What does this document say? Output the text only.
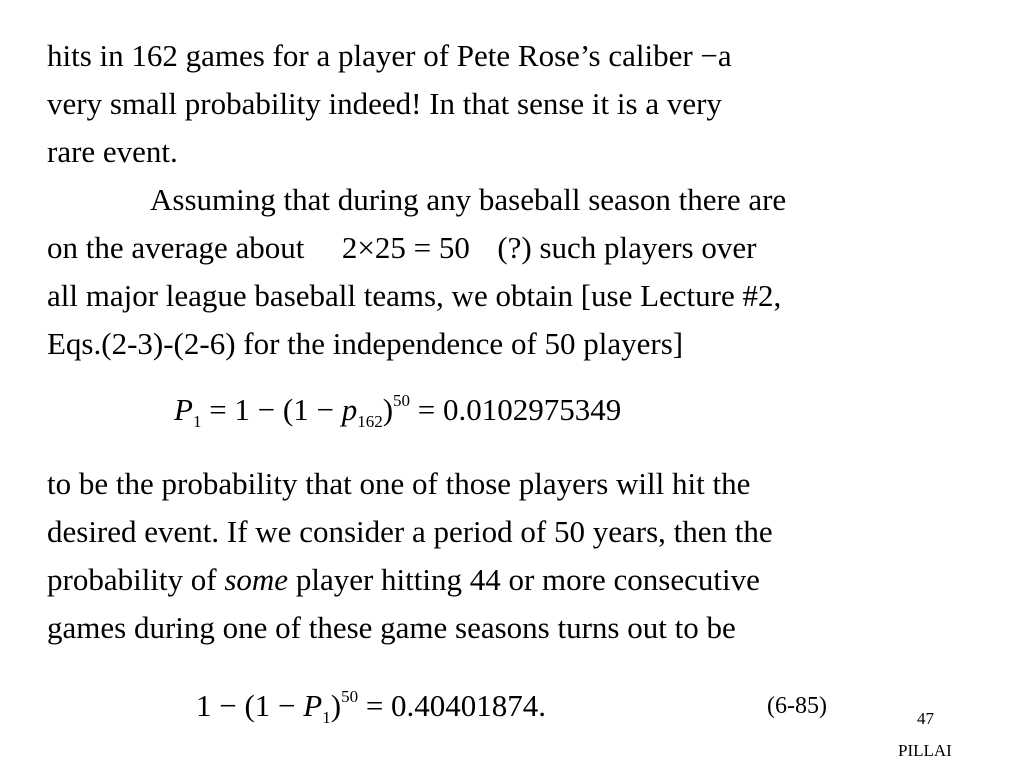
hits in 162 games for a player of Pete Rose’s caliber −a
very small probability indeed! In that sense it is a very
rare event.
Assuming that during any baseball season there are
on the average about 2×25 = 50 (?) such players over
all major league baseball teams, we obtain [use Lecture #2,
Eqs.(2-3)-(2-6) for the independence of 50 players]
$P_1 = 1 - (1 - p_{162})^{50} = 0.0102975349$
to be the probability that one of those players will hit the
desired event. If we consider a period of 50 years, then the
probability of some player hitting 44 or more consecutive
games during one of these game seasons turns out to be
$1 - (1 - P_1)^{50} = 0.40401874$.	(6-85)	47
PILLAI
